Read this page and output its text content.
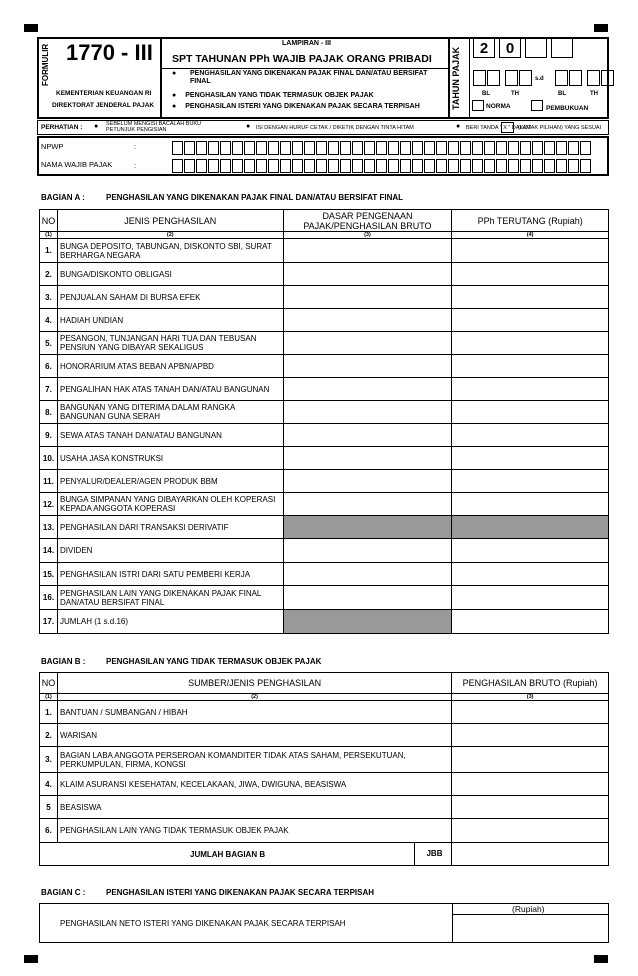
FORMULIR 1770 - III
KEMENTERIAN KEUANGAN RI
DIREKTORAT JENDERAL PAJAK
LAMPIRAN - III
SPT TAHUNAN PPh WAJIB PAJAK ORANG PRIBADI
● PENGHASILAN YANG DIKENAKAN PAJAK FINAL DAN/ATAU BERSIFAT FINAL
● PENGHASILAN YANG TIDAK TERMASUK OBJEK PAJAK
● PENGHASILAN ISTERI YANG DIKENAKAN PAJAK SECARA TERPISAH	TAHUN PAJAK	2	0
s.d
BL	TH	BL	TH
NORMA	PEMBUKUAN
PERHATIAN : ● SEBELUM MENGISI BACALAH BUKU PETUNJUK PENGISIAN	● ISI DENGAN HURUF CETAK / DIKETIK DENGAN TINTA HITAM	● BERI TANDA " X " DALAM
(KOTAK PILIHAN) YANG SESUAI
NPWP	:
NAMA WAJIB PAJAK	:
BAGIAN A :	PENGHASILAN YANG DIKENAKAN PAJAK FINAL DAN/ATAU BERSIFAT FINAL
NO	JENIS PENGHASILAN	DASAR PENGENAAN PAJAK/PENGHASILAN BRUTO	PPh TERUTANG (Rupiah)
(1)	(2)	(3)	(4)
1.	BUNGA DEPOSITO, TABUNGAN, DISKONTO SBI, SURAT BERHARGA NEGARA		
2.	BUNGA/DISKONTO OBLIGASI		
3.	PENJUALAN SAHAM DI BURSA EFEK		
4.	HADIAH UNDIAN		
5.	PESANGON, TUNJANGAN HARI TUA DAN TEBUSAN PENSIUN YANG DIBAYAR SEKALIGUS		
6.	HONORARIUM ATAS BEBAN APBN/APBD		
7.	PENGALIHAN HAK ATAS TANAH DAN/ATAU BANGUNAN		
8.	BANGUNAN YANG DITERIMA DALAM RANGKA BANGUNAN GUNA SERAH		
9.	SEWA ATAS TANAH DAN/ATAU BANGUNAN		
10.	USAHA JASA KONSTRUKSI		
11.	PENYALUR/DEALER/AGEN PRODUK BBM		
12.	BUNGA SIMPANAN YANG DIBAYARKAN OLEH KOPERASI KEPADA ANGGOTA KOPERASI		
13.	PENGHASILAN DARI TRANSAKSI DERIVATIF		
14.	DIVIDEN		
15.	PENGHASILAN ISTRI DARI SATU PEMBERI KERJA		
16.	PENGHASILAN LAIN YANG DIKENAKAN PAJAK FINAL DAN/ATAU BERSIFAT FINAL		
17.	JUMLAH (1 s.d.16)		
BAGIAN B :	PENGHASILAN YANG TIDAK TERMASUK OBJEK PAJAK
NO	SUMBER/JENIS PENGHASILAN	PENGHASILAN BRUTO (Rupiah)
(1)	(2)	(3)
1.	BANTUAN / SUMBANGAN / HIBAH	
2.	WARISAN	
3.	BAGIAN LABA ANGGOTA PERSEROAN KOMANDITER TIDAK ATAS SAHAM, PERSEKUTUAN, PERKUMPULAN, FIRMA, KONGSI	
4.	KLAIM ASURANSI KESEHATAN, KECELAKAAN, JIWA, DWIGUNA, BEASISWA	
5	BEASISWA	
6.	PENGHASILAN LAIN YANG TIDAK TERMASUK OBJEK PAJAK	

JUMLAH BAGIAN B JBB		

BAGIAN C :	PENGHASILAN ISTERI YANG DIKENAKAN PAJAK SECARA TERPISAH
(Rupiah)
PENGHASILAN NETO ISTERI YANG DIKENAKAN PAJAK SECARA TERPISAH
